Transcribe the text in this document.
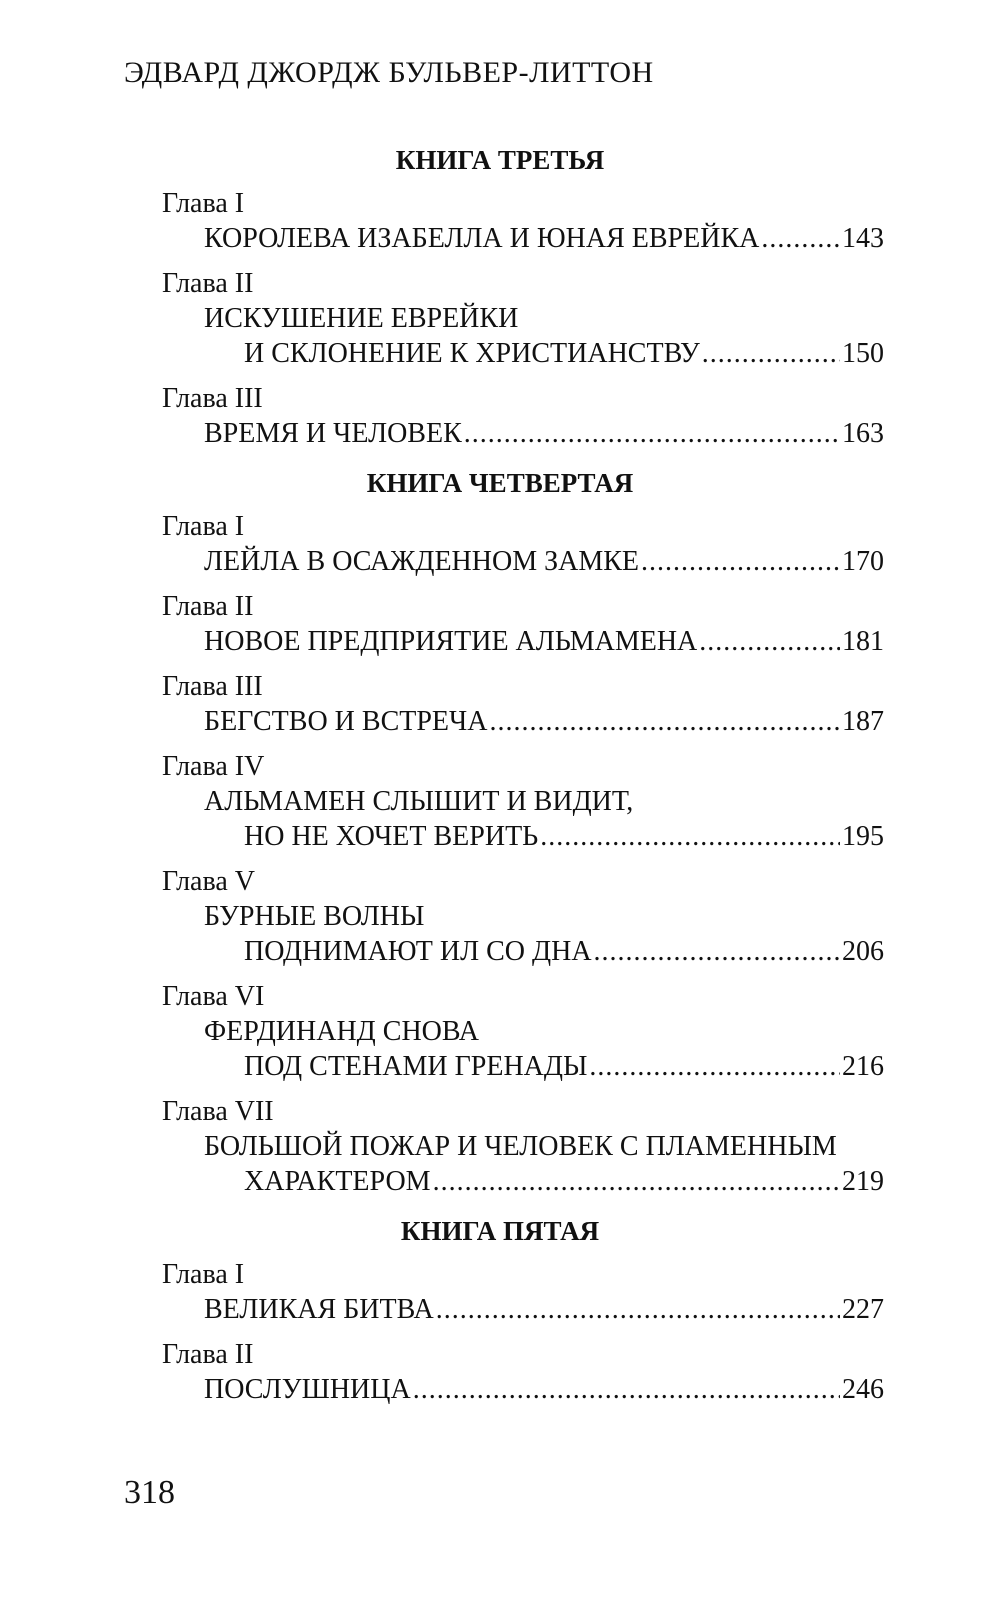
ЭДВАРД ДЖОРДЖ БУЛЬВЕР-ЛИТТОН
КНИГА ТРЕТЬЯ
Глава I
КОРОЛЕВА ИЗАБЕЛЛА И ЮНАЯ ЕВРЕЙКА .....	143
Глава II
ИСКУШЕНИЕ ЕВРЕЙКИ
И СКЛОНЕНИЕ К ХРИСТИАНСТВУ .....	150
Глава III
ВРЕМЯ И ЧЕЛОВЕК .....	163
КНИГА ЧЕТВЕРТАЯ
Глава I
ЛЕЙЛА В ОСАЖДЕННОМ ЗАМКЕ .....	170
Глава II
НОВОЕ ПРЕДПРИЯТИЕ АЛЬМАМЕНА .....	181
Глава III
БЕГСТВО И ВСТРЕЧА .....	187
Глава IV
АЛЬМАМЕН СЛЫШИТ И ВИДИТ,
НО НЕ ХОЧЕТ ВЕРИТЬ .....	195
Глава V
БУРНЫЕ ВОЛНЫ
ПОДНИМАЮТ ИЛ СО ДНА .....	206
Глава VI
ФЕРДИНАНД СНОВА
ПОД СТЕНАМИ ГРЕНАДЫ .....	216
Глава VII
БОЛЬШОЙ ПОЖАР И ЧЕЛОВЕК С ПЛАМЕННЫМ
ХАРАКТЕРОМ .....	219
КНИГА ПЯТАЯ
Глава I
ВЕЛИКАЯ БИТВА .....	227
Глава II
ПОСЛУШНИЦА .....	246
318
